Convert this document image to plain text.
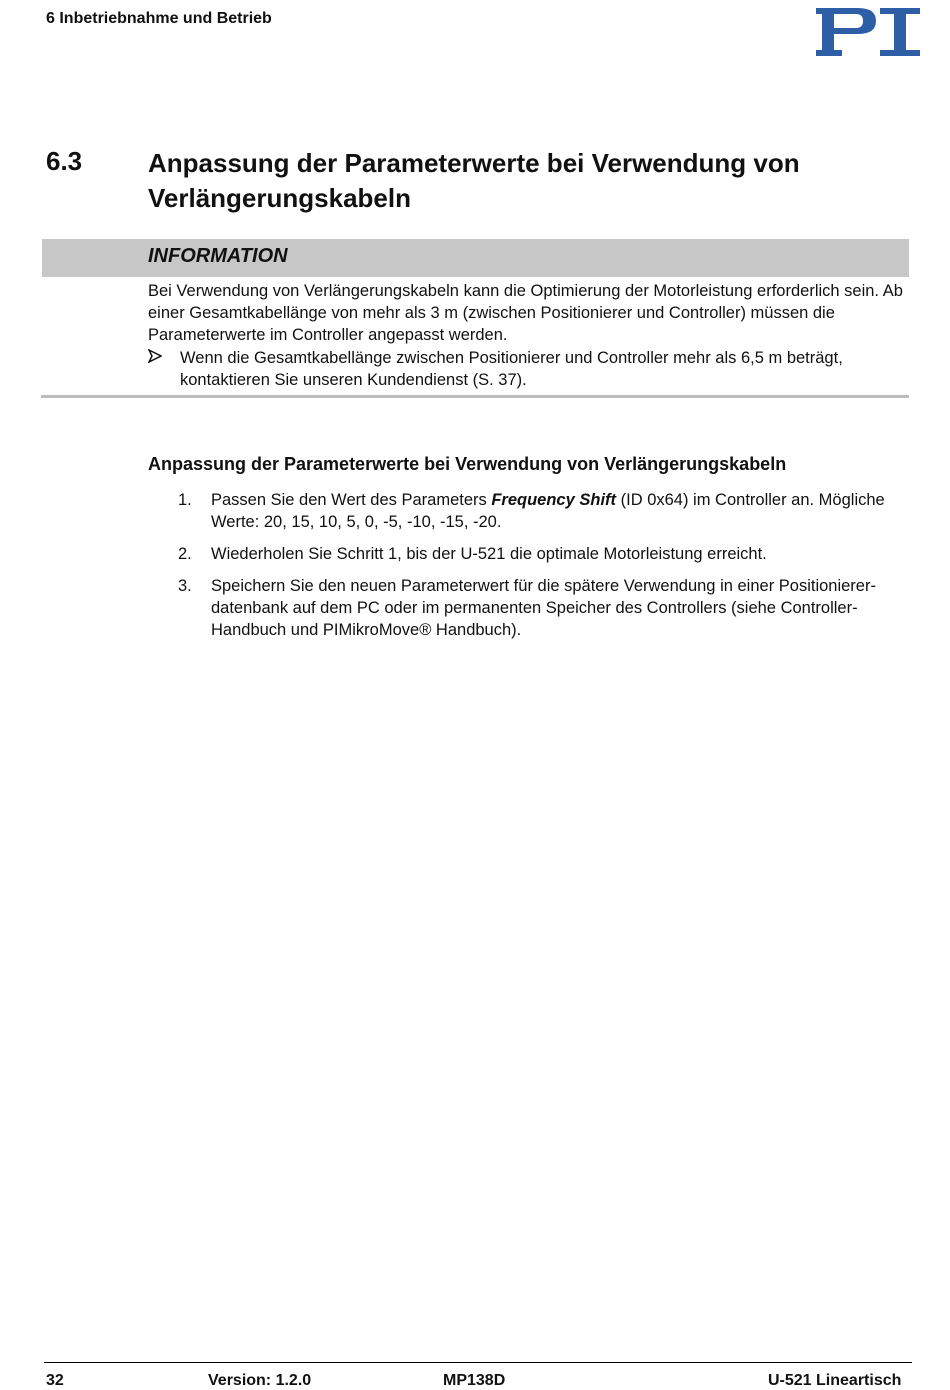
6 Inbetriebnahme und Betrieb
6.3	Anpassung der Parameterwerte bei Verwendung von Verlängerungskabeln
INFORMATION
Bei Verwendung von Verlängerungskabeln kann die Optimierung der Motorleistung erforderlich sein. Ab einer Gesamtkabellänge von mehr als 3 m (zwischen Positionierer und Controller) müssen die Parameterwerte im Controller angepasst werden.
Wenn die Gesamtkabellänge zwischen Positionierer und Controller mehr als 6,5 m beträgt, kontaktieren Sie unseren Kundendienst (S. 37).
Anpassung der Parameterwerte bei Verwendung von Verlängerungskabeln
1.	Passen Sie den Wert des Parameters Frequency Shift (ID 0x64) im Controller an. Mögliche Werte: 20, 15, 10, 5, 0, -5, -10, -15, -20.
2.	Wiederholen Sie Schritt 1, bis der U-521 die optimale Motorleistung erreicht.
3.	Speichern Sie den neuen Parameterwert für die spätere Verwendung in einer Positioniererdatenbank auf dem PC oder im permanenten Speicher des Controllers (siehe Controller-Handbuch und PIMikroMove® Handbuch).
32	Version: 1.2.0	MP138D	U-521 Lineartisch
